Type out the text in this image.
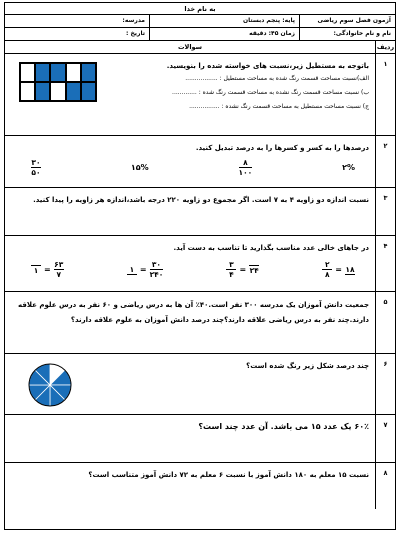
به نام خدا
آزمون فصل سوم ریاضی
پایه: پنجم دبستان
مدرسه:
نام و نام خانوادگی:
زمان ۴۵: دقیقه
تاریخ :
ردیف
سوالات
۱
باتوجه به مستطیل زیر،نسبت های خواسته شده را بنویسید.
الف)نسبت مساحت قسمت رنگ شده به مساحت مستطیل : .................
ب) نسبت مساحت قسمت رنگ نشده به مساحت قسمت رنگ شده : .............
ج) نسبت مساحت مستطیل به مساحت قسمت رنگ نشده : ................
۲
درصدها را به کسر و کسرها را به درصد تبدیل کنید.
۲%
$\frac{۸}{۱۰۰}$
۱۵%
$\frac{۳۰}{۵۰}$
۳
نسبت اندازه دو زاویه ۴ به ۷ است. اگر مجموع دو زاویه ۲۲۰ درجه باشد،اندازه هر زاویه را پیدا کنید.
۴
در جاهای خالی عدد مناسب بگذارید تا تناسب به دست آید.
$\frac{۲}{۸}$ = ۱۸
$\frac{۳}{۴}$ = ۲۴
۱ = $\frac{۳۰}{۲۴۰}$
۱ = $\frac{۶۳}{۷}$
۵
جمعیت دانش آموزان یک مدرسه ۳۰۰ نفر است.۴۰٪ آن ها به درس ریاضی و ۶۰ نفر به درس علوم علاقه دارند.چند نفر به درس ریاضی علاقه دارند؟چند درصد دانش آموزان به علوم علاقه دارند؟
۶
چند درصد شکل زیر رنگ شده است؟
۷
۶۰٪ یک عدد ۱۵ می باشد. آن عدد چند است؟
۸
نسبت ۱۵ معلم به ۱۸۰ دانش آموز با نسبت ۶ معلم به ۷۲ دانش آموز متناسب است؟
